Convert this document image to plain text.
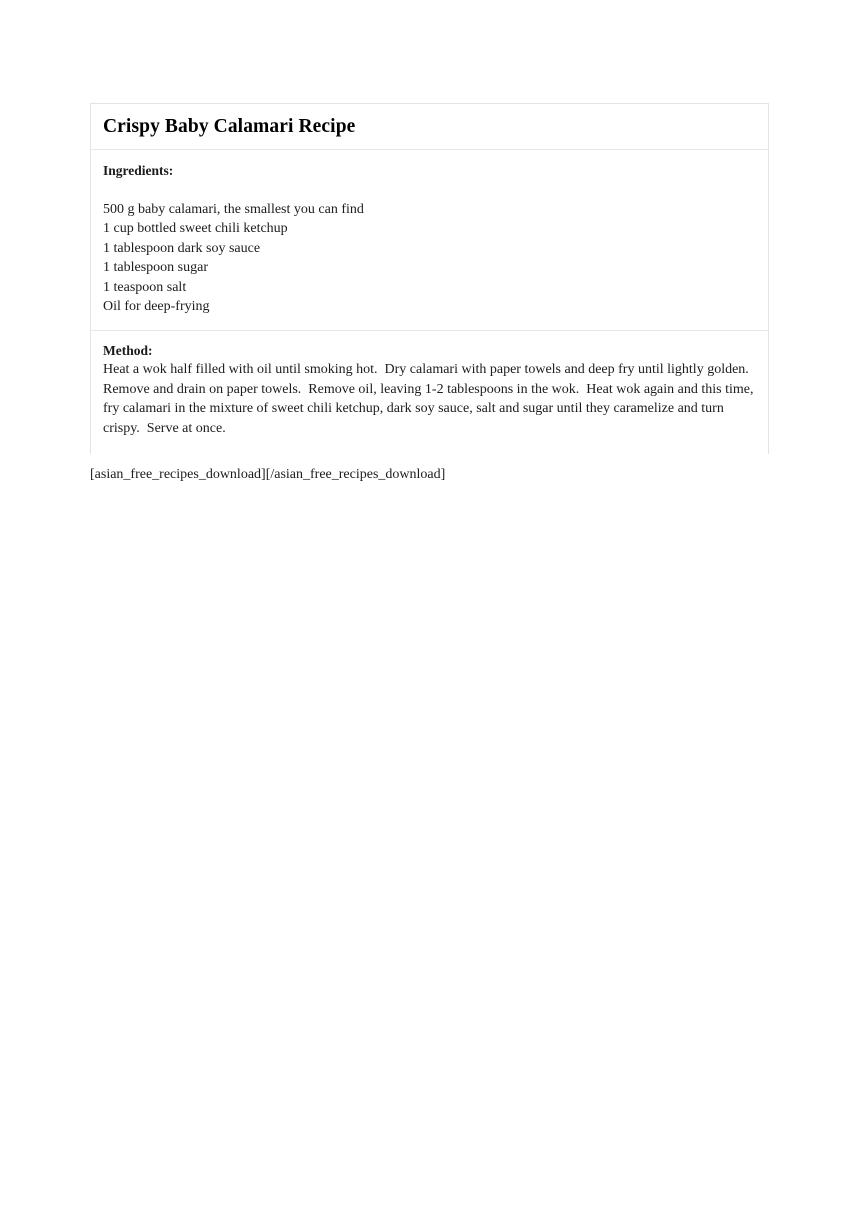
Crispy Baby Calamari Recipe
Ingredients:
500 g baby calamari, the smallest you can find
1 cup bottled sweet chili ketchup
1 tablespoon dark soy sauce
1 tablespoon sugar
1 teaspoon salt
Oil for deep-frying
Method:

Heat a wok half filled with oil until smoking hot.  Dry calamari with paper towels and deep fry until lightly golden.  Remove and drain on paper towels.  Remove oil, leaving 1-2 tablespoons in the wok.  Heat wok again and this time, fry calamari in the mixture of sweet chili ketchup, dark soy sauce, salt and sugar until they caramelize and turn crispy.  Serve at once.

[asian_free_recipes_download][/asian_free_recipes_download]
